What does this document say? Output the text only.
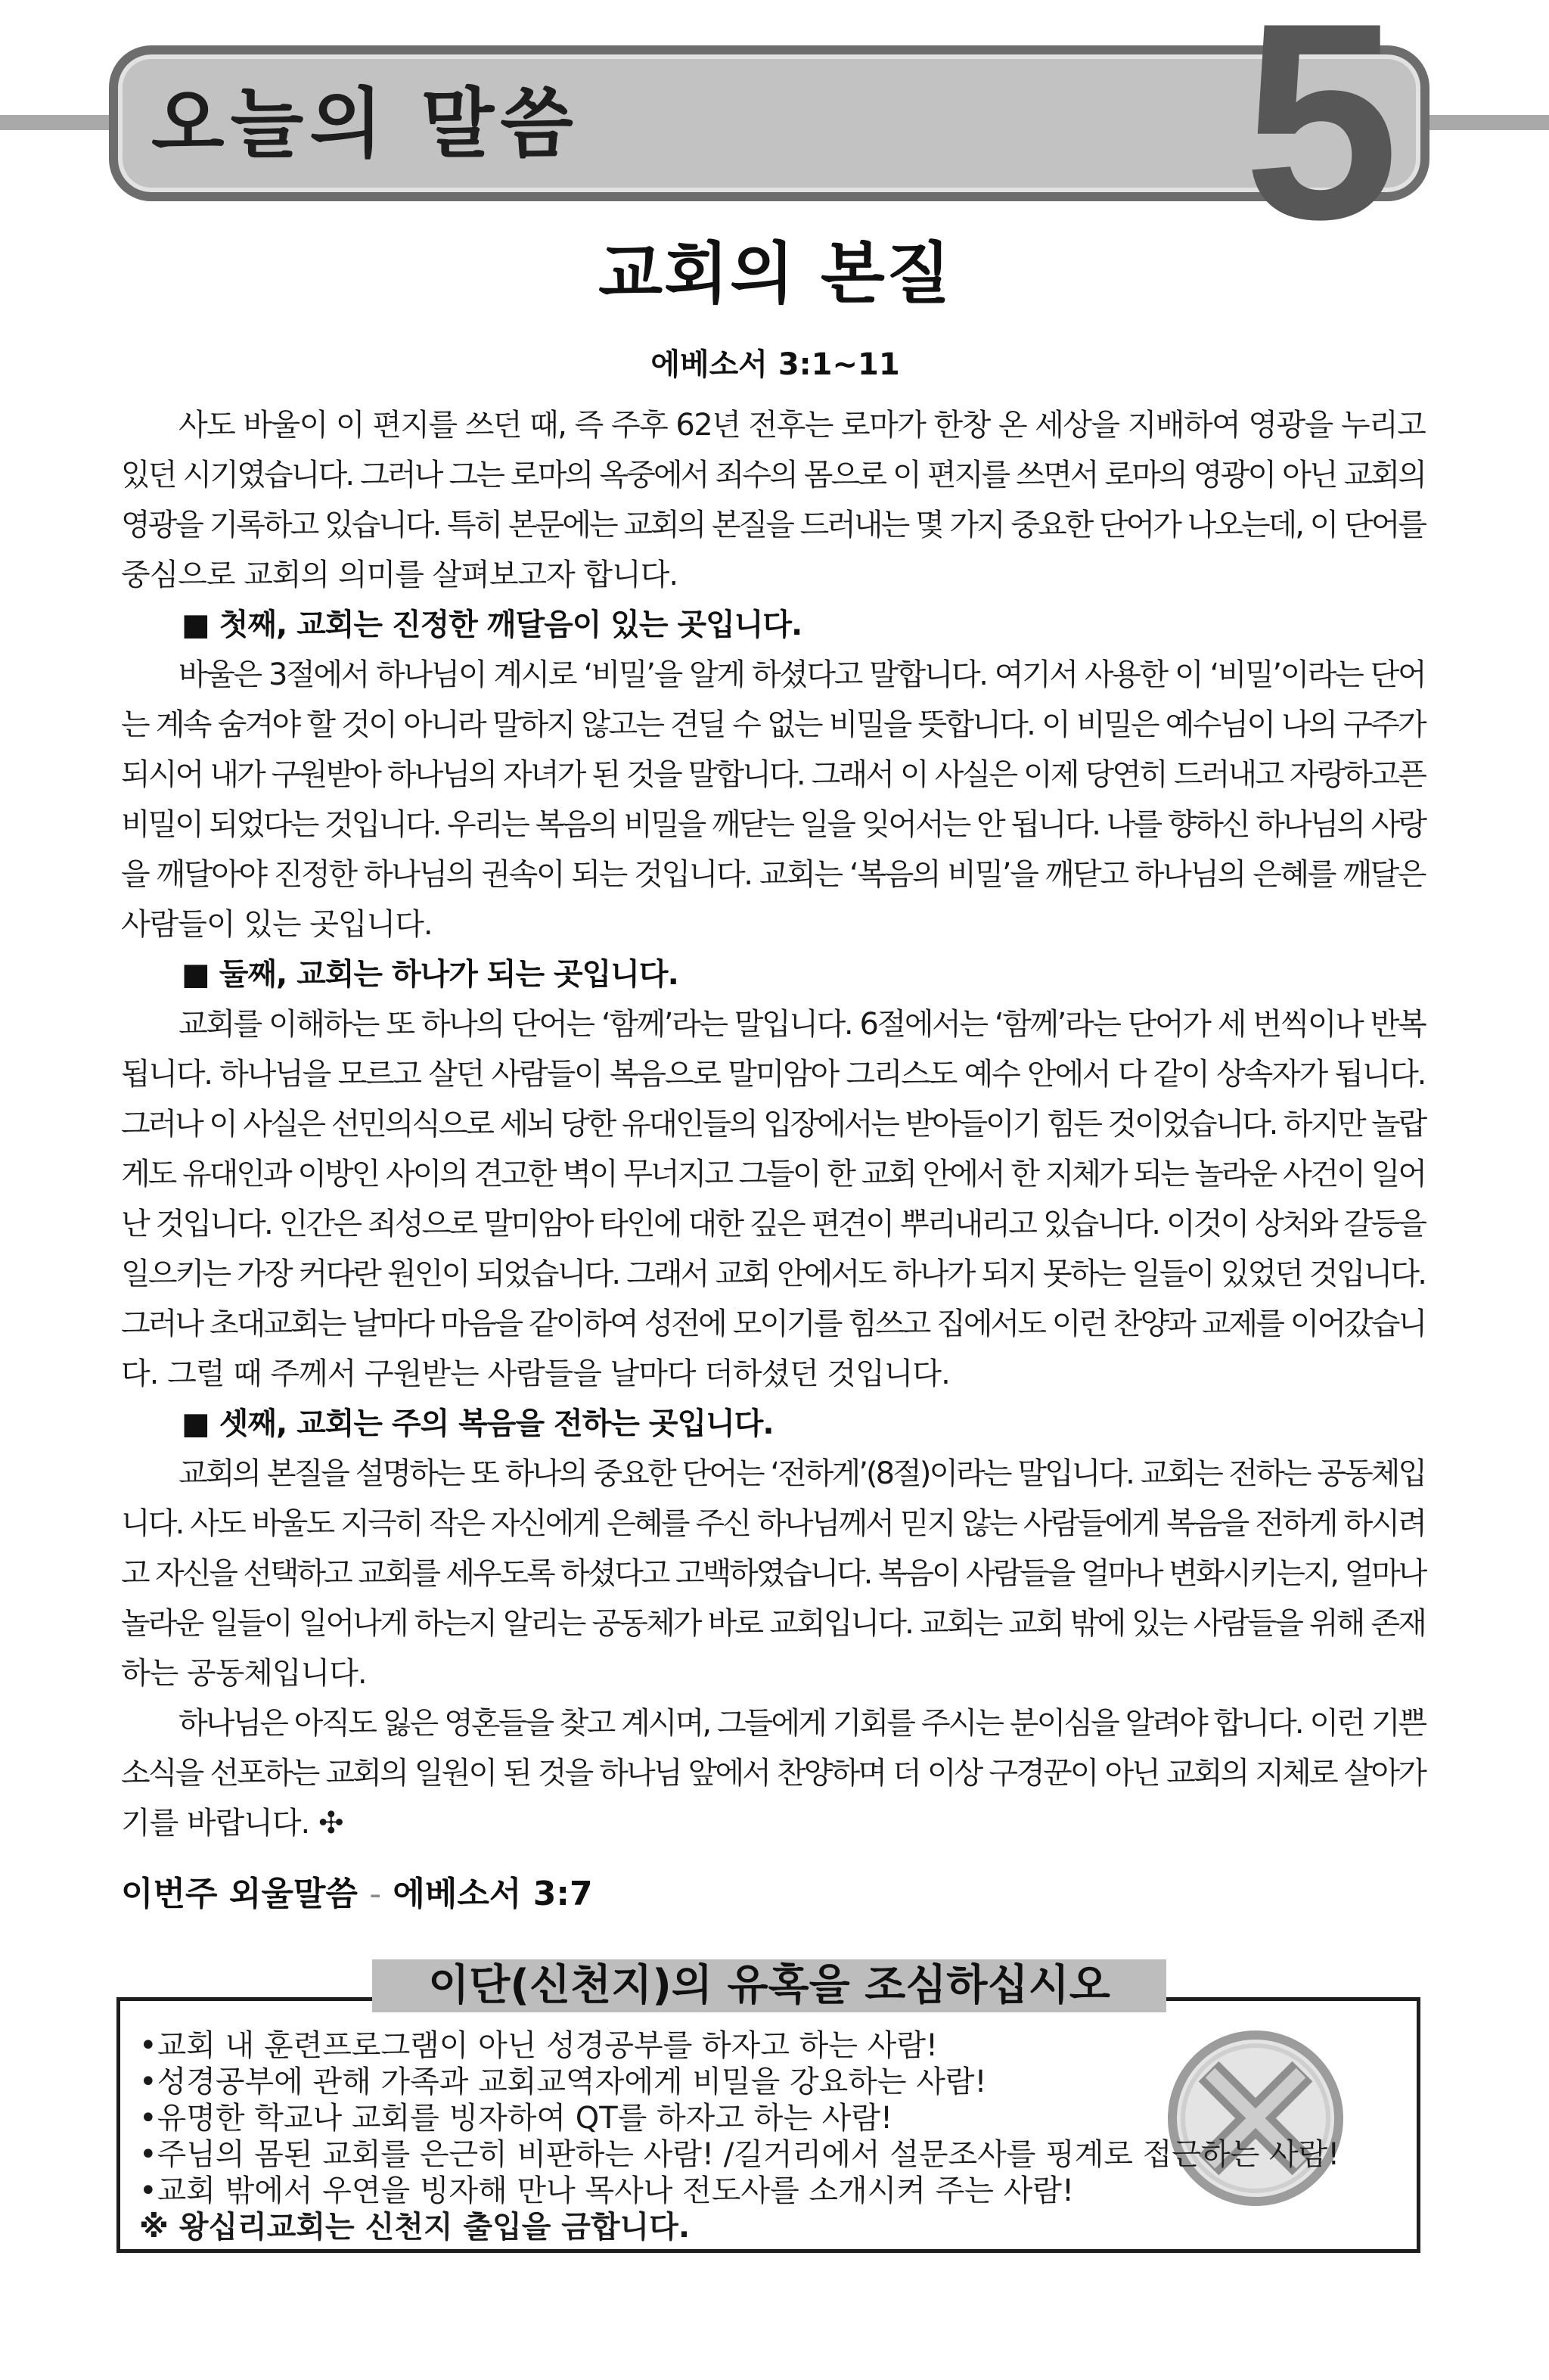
오늘의 말씀 5
교회의 본질
에베소서 3:1~11
사도 바울이 이 편지를 쓰던 때, 즉 주후 62년 전후는 로마가 한창 온 세상을 지배하여 영광을 누리고
있던 시기였습니다. 그러나 그는 로마의 옥중에서 죄수의 몸으로 이 편지를 쓰면서 로마의 영광이 아닌 교회의
영광을 기록하고 있습니다. 특히 본문에는 교회의 본질을 드러내는 몇 가지 중요한 단어가 나오는데, 이 단어를
중심으로 교회의 의미를 살펴보고자 합니다.
■ 첫째, 교회는 진정한 깨달음이 있는 곳입니다.
바울은 3절에서 하나님이 계시로 ‘비밀’을 알게 하셨다고 말합니다. 여기서 사용한 이 ‘비밀’이라는 단어
는 계속 숨겨야 할 것이 아니라 말하지 않고는 견딜 수 없는 비밀을 뜻합니다. 이 비밀은 예수님이 나의 구주가
되시어 내가 구원받아 하나님의 자녀가 된 것을 말합니다. 그래서 이 사실은 이제 당연히 드러내고 자랑하고픈
비밀이 되었다는 것입니다. 우리는 복음의 비밀을 깨닫는 일을 잊어서는 안 됩니다. 나를 향하신 하나님의 사랑
을 깨달아야 진정한 하나님의 권속이 되는 것입니다. 교회는 ‘복음의 비밀’을 깨닫고 하나님의 은혜를 깨달은
사람들이 있는 곳입니다.
■ 둘째, 교회는 하나가 되는 곳입니다.
교회를 이해하는 또 하나의 단어는 ‘함께’라는 말입니다. 6절에서는 ‘함께’라는 단어가 세 번씩이나 반복
됩니다. 하나님을 모르고 살던 사람들이 복음으로 말미암아 그리스도 예수 안에서 다 같이 상속자가 됩니다.
그러나 이 사실은 선민의식으로 세뇌 당한 유대인들의 입장에서는 받아들이기 힘든 것이었습니다. 하지만 놀랍
게도 유대인과 이방인 사이의 견고한 벽이 무너지고 그들이 한 교회 안에서 한 지체가 되는 놀라운 사건이 일어
난 것입니다. 인간은 죄성으로 말미암아 타인에 대한 깊은 편견이 뿌리내리고 있습니다. 이것이 상처와 갈등을
일으키는 가장 커다란 원인이 되었습니다. 그래서 교회 안에서도 하나가 되지 못하는 일들이 있었던 것입니다.
그러나 초대교회는 날마다 마음을 같이하여 성전에 모이기를 힘쓰고 집에서도 이런 찬양과 교제를 이어갔습니
다. 그럴 때 주께서 구원받는 사람들을 날마다 더하셨던 것입니다.
■ 셋째, 교회는 주의 복음을 전하는 곳입니다.
교회의 본질을 설명하는 또 하나의 중요한 단어는 ‘전하게’(8절)이라는 말입니다. 교회는 전하는 공동체입
니다. 사도 바울도 지극히 작은 자신에게 은혜를 주신 하나님께서 믿지 않는 사람들에게 복음을 전하게 하시려
고 자신을 선택하고 교회를 세우도록 하셨다고 고백하였습니다. 복음이 사람들을 얼마나 변화시키는지, 얼마나
놀라운 일들이 일어나게 하는지 알리는 공동체가 바로 교회입니다. 교회는 교회 밖에 있는 사람들을 위해 존재
하는 공동체입니다.
하나님은 아직도 잃은 영혼들을 찾고 계시며, 그들에게 기회를 주시는 분이심을 알려야 합니다. 이런 기쁜
소식을 선포하는 교회의 일원이 된 것을 하나님 앞에서 찬양하며 더 이상 구경꾼이 아닌 교회의 지체로 살아가
기를 바랍니다. ✣
이번주 외울말씀 - 에베소서 3:7
이단(신천지)의 유혹을 조심하십시오
•교회 내 훈련프로그램이 아닌 성경공부를 하자고 하는 사람!
•성경공부에 관해 가족과 교회교역자에게 비밀을 강요하는 사람!
•유명한 학교나 교회를 빙자하여 QT를 하자고 하는 사람!
•주님의 몸된 교회를 은근히 비판하는 사람! /길거리에서 설문조사를 핑계로 접근하는 사람!
•교회 밖에서 우연을 빙자해 만나 목사나 전도사를 소개시켜 주는 사람!
※ 왕십리교회는 신천지 출입을 금합니다.
